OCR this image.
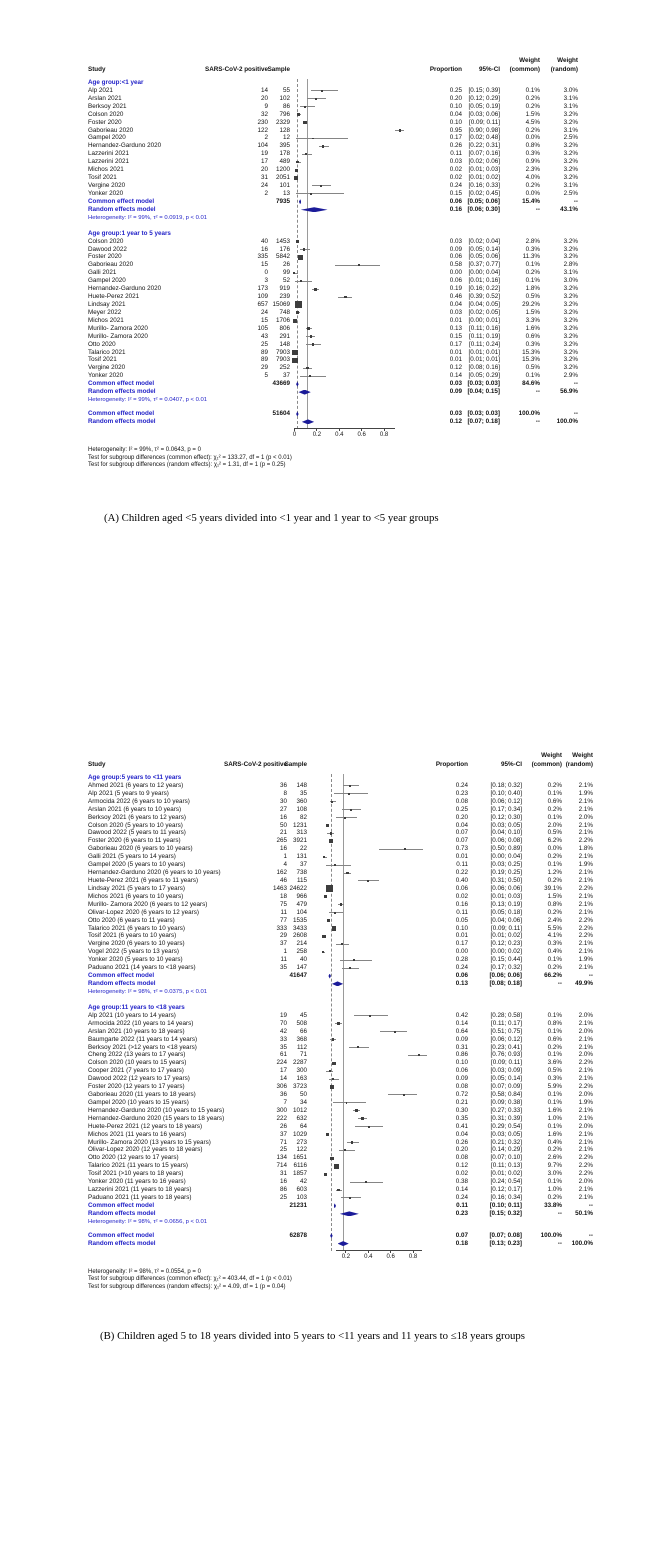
Weight	Weight
Study	SARS-CoV-2 positive Sample	Proportion	95%-CI (common) (random)
Age group:<1 year
Alp 2021	14 55	0.25 [0.15; 0.39]	0.1%	3.0%
Arslan 2021	20 102	0.20 [0.12; 0.29]	0.2%	3.1%
Berksoy 2021	9 86	0.10 [0.05; 0.19]	0.2%	3.1%
Colson 2020	32 796	0.04 [0.03; 0.06]	1.5%	3.2%
Foster 2020	230 2329	0.10 [0.09; 0.11]	4.5%	3.2%
Gaborieau 2020	122 128	0.95 [0.90; 0.98]	0.2%	3.1%
Gampel 2020	2 12	0.17 [0.02; 0.48]	0.0%	2.5%
Hernandez-Garduno 2020	104 395	0.26 [0.22; 0.31]	0.8%	3.2%
Lazzerini 2021	19 178	0.11 [0.07; 0.16]	0.3%	3.2%
Lazzerini 2021	17 489	0.03 [0.02; 0.06]	0.9%	3.2%
Michos 2021	20 1200	0.02 [0.01; 0.03]	2.3%	3.2%
Tosif 2021	31 2051	0.02 [0.01; 0.02]	4.0%	3.2%
Vergine 2020	24 101	0.24 [0.16; 0.33]	0.2%	3.1%
Yonker 2020	2 13	0.15 [0.02; 0.45]	0.0%	2.5%
Common effect model	7935	0.06 [0.05; 0.06]	15.4%	--
Random effects model	0.16 [0.06; 0.30]	--	43.1%
Heterogeneity: I² = 99%, τ² = 0.0919, p < 0.01
Age group:1 year to 5 years
Colson 2020	40 1453	0.03 [0.02; 0.04]	2.8%	3.2%
Dawood 2022	16 176	0.09 [0.05; 0.14]	0.3%	3.2%
Foster 2020	335 5842	0.06 [0.05; 0.06]	11.3%	3.2%
Gaborieau 2020	15 26	0.58 [0.37; 0.77]	0.1%	2.8%
Galli 2021	0 99	0.00 [0.00; 0.04]	0.2%	3.1%
Gampel 2020	3 52	0.06 [0.01; 0.16]	0.1%	3.0%
Hernandez-Garduno 2020	173 919	0.19 [0.16; 0.22]	1.8%	3.2%
Huete-Perez 2021	109 239	0.46 [0.39; 0.52]	0.5%	3.2%
Lindsay 2021	657 15069	0.04 [0.04; 0.05]	29.2%	3.2%
Meyer 2022	24 748	0.03 [0.02; 0.05]	1.5%	3.2%
Michos 2021	15 1706	0.01 [0.00; 0.01]	3.3%	3.2%
Murillo- Zamora 2020	105 806	0.13 [0.11; 0.16]	1.6%	3.2%
Murillo- Zamora 2020	43 291	0.15 [0.11; 0.19]	0.6%	3.2%
Otto 2020	25 148	0.17 [0.11; 0.24]	0.3%	3.2%
Talarico 2021	89 7903	0.01 [0.01; 0.01]	15.3%	3.2%
Tosif 2021	89 7903	0.01 [0.01; 0.01]	15.3%	3.2%
Vergine 2020	29 252	0.12 [0.08; 0.16]	0.5%	3.2%
Yonker 2020	5 37	0.14 [0.05; 0.29]	0.1%	2.9%
Common effect model	43669	0.03 [0.03; 0.03]	84.6%	--
Random effects model	0.09 [0.04; 0.15]	--	56.9%
Heterogeneity: I² = 99%, τ² = 0.0407, p < 0.01
Common effect model	51604	0.03 [0.03; 0.03]	100.0%	--
Random effects model	0.12 [0.07; 0.18]	--	100.0%
0	0.2 0.4 0.6 0.8
Heterogeneity: I² = 99%, τ² = 0.0643, p = 0
Test for subgroup differences (common effect): χ₁² = 133.27, df = 1 (p < 0.01)
Test for subgroup differences (random effects): χ₁² = 1.31, df = 1 (p = 0.25)
Weight Weight
Study	SARS-CoV-2 positive
Sample	Proportion	95%-CI (common) (random)
Age group:5 years to <11 years
Ahmed 2021 (6 years to 12 years)	36 148	0.24	[0.18; 0.32]	0.2%	2.1%
Alp 2021 (5 years to 9 years)	8 35	0.23	[0.10; 0.40]	0.1%	1.9%
Armocida 2022 (6 years to 10 years)	30 360	0.08	[0.06; 0.12]	0.6%	2.1%
Arslan 2021 (6 years to 10 years)	27 108	0.25	[0.17; 0.34]	0.2%	2.1%
Berksoy 2021 (6 years to 12 years)	16 82	0.20	[0.12; 0.30]	0.1%	2.0%
Colson 2020 (5 years to 10 years)	50 1231	0.04	[0.03; 0.05]	2.0%	2.1%
Dawood 2022 (5 years to 11 years)	21 313	0.07	[0.04; 0.10]	0.5%	2.1%
Foster 2020 (6 years to 11 years)	265 3921	0.07	[0.06; 0.08]	6.2%	2.2%
Gaborieau 2020 (6 years to 10 years)	16 22	0.73	[0.50; 0.89]	0.0%	1.8%
Galli 2021 (5 years to 14 years)	1 131	0.01	[0.00; 0.04]	0.2%	2.1%
Gampel 2020 (5 years to 10 years)	4 37	0.11	[0.03; 0.25]	0.1%	1.9%
Hernandez-Garduno 2020 (6 years to 10 years)	162 738	0.22	[0.19; 0.25]	1.2%	2.1%
Huete-Perez 2021 (6 years to 11 years)	46 115	0.40	[0.31; 0.50]	0.2%	2.1%
Lindsay 2021 (5 years to 17 years)	1463 24622	0.06	[0.06; 0.06]	39.1%	2.2%
Michos 2021 (6 years to 10 years)	18 966	0.02	[0.01; 0.03]	1.5%	2.1%
Murillo- Zamora 2020 (6 years to 12 years)	75 479	0.16	[0.13; 0.19]	0.8%	2.1%
Olivar-Lopez 2020 (6 years to 12 years)	11 104	0.11	[0.05; 0.18]	0.2%	2.1%
Otto 2020 (6 years to 11 years)	77 1535	0.05	[0.04; 0.06]	2.4%	2.2%
Talarico 2021 (6 years to 10 years)	333 3433	0.10	[0.09; 0.11]	5.5%	2.2%
Tosif 2021 (6 years to 10 years)	29 2608	0.01	[0.01; 0.02]	4.1%	2.2%
Vergine 2020 (6 years to 10 years)	37 214	0.17	[0.12; 0.23]	0.3%	2.1%
Vogel 2022 (5 years to 13 years)	1 258	0.00	[0.00; 0.02]	0.4%	2.1%
Yonker 2020 (5 years to 10 years)	11 40	0.28	[0.15; 0.44]	0.1%	1.9%
Paduano 2021 (14 years to <18 years)	35 147	0.24	[0.17; 0.32]	0.2%	2.1%
Common effect model	41647	0.06	[0.06; 0.06]	66.2%	--
Random effects model	0.13	[0.08; 0.18]	-- 49.9%
Heterogeneity: I² = 98%, τ² = 0.0375, p < 0.01
Age group:11 years to <18 years
Alp 2021 (10 years to 14 years)	19 45	0.42	[0.28; 0.58]	0.1%	2.0%
Armocida 2022 (10 years to 14 years)	70 508	0.14	[0.11; 0.17]	0.8%	2.1%
Arslan 2021 (10 years to 18 years)	42 66	0.64	[0.51; 0.75]	0.1%	2.0%
Baumgarte 2022 (11 years to 14 years)	33 368	0.09	[0.06; 0.12]	0.6%	2.1%
Berksoy 2021 (>12 years to <18 years)	35 112	0.31	[0.23; 0.41]	0.2%	2.1%
Cheng 2022 (13 years to 17 years)	61 71	0.86	[0.76; 0.93]	0.1%	2.0%
Colson 2020 (10 years to 15 years)	224 2287	0.10	[0.09; 0.11]	3.6%	2.2%
Cooper 2021 (7 years to 17 years)	17 300	0.06	[0.03; 0.09]	0.5%	2.1%
Dawood 2022 (12 years to 17 years)	14 163	0.09	[0.05; 0.14]	0.3%	2.1%
Foster 2020 (12 years to 17 years)	306 3723	0.08	[0.07; 0.09]	5.9%	2.2%
Gaborieau 2020 (11 years to 18 years)	36 50	0.72	[0.58; 0.84]	0.1%	2.0%
Gampel 2020 (10 years to 15 years)	7 34	0.21	[0.09; 0.38]	0.1%	1.9%
Hernandez-Garduno 2020 (10 years to 15 years)	300 1012	0.30	[0.27; 0.33]	1.6%	2.1%
Hernandez-Garduno 2020 (15 years to 18 years)	222 632	0.35	[0.31; 0.39]	1.0%	2.1%
Huete-Perez 2021 (12 years to 18 years)	26 64	0.41	[0.29; 0.54]	0.1%	2.0%
Michos 2021 (11 years to 16 years)	37 1029	0.04	[0.03; 0.05]	1.6%	2.1%
Murillo- Zamora 2020 (13 years to 15 years)	71 273	0.26	[0.21; 0.32]	0.4%	2.1%
Olivar-Lopez 2020 (12 years to 18 years)	25 122	0.20	[0.14; 0.29]	0.2%	2.1%
Otto 2020 (12 years to 17 years)	134 1651	0.08	[0.07; 0.10]	2.6%	2.2%
Talarico 2021 (11 years to 15 years)	714 6116	0.12	[0.11; 0.13]	9.7%	2.2%
Tosif 2021 (>10 years to 18 years)	31 1857	0.02	[0.01; 0.02]	3.0%	2.2%
Yonker 2020 (11 years to 16 years)	16 42	0.38	[0.24; 0.54]	0.1%	2.0%
Lazzerini 2021 (11 years to 18 years)	86 603	0.14	[0.12; 0.17]	1.0%	2.1%
Paduano 2021 (11 years to 18 years)	25 103	0.24	[0.16; 0.34]	0.2%	2.1%
Common effect model	21231	0.11	[0.10; 0.11]	33.8%	--
Random effects model	0.23	[0.15; 0.32]	-- 50.1%
Heterogeneity: I² = 98%, τ² = 0.0656, p < 0.01
Common effect model	62878	0.07	[0.07; 0.08]	100.0%	--
Random effects model	0.18	[0.13; 0.23]	-- 100.0%
0.2 0.4 0.6 0.8
Heterogeneity: I² = 98%, τ² = 0.0554, p = 0
Test for subgroup differences (common effect): χ₁² = 403.44, df = 1 (p < 0.01)
Test for subgroup differences (random effects): χ₁² = 4.09, df = 1 (p = 0.04)
(A) Children aged <5 years divided into <1 year and 1 year to <5 year groups
(B) Children aged 5 to 18 years divided into 5 years to <11 years and 11 years to ≤18 years groups
